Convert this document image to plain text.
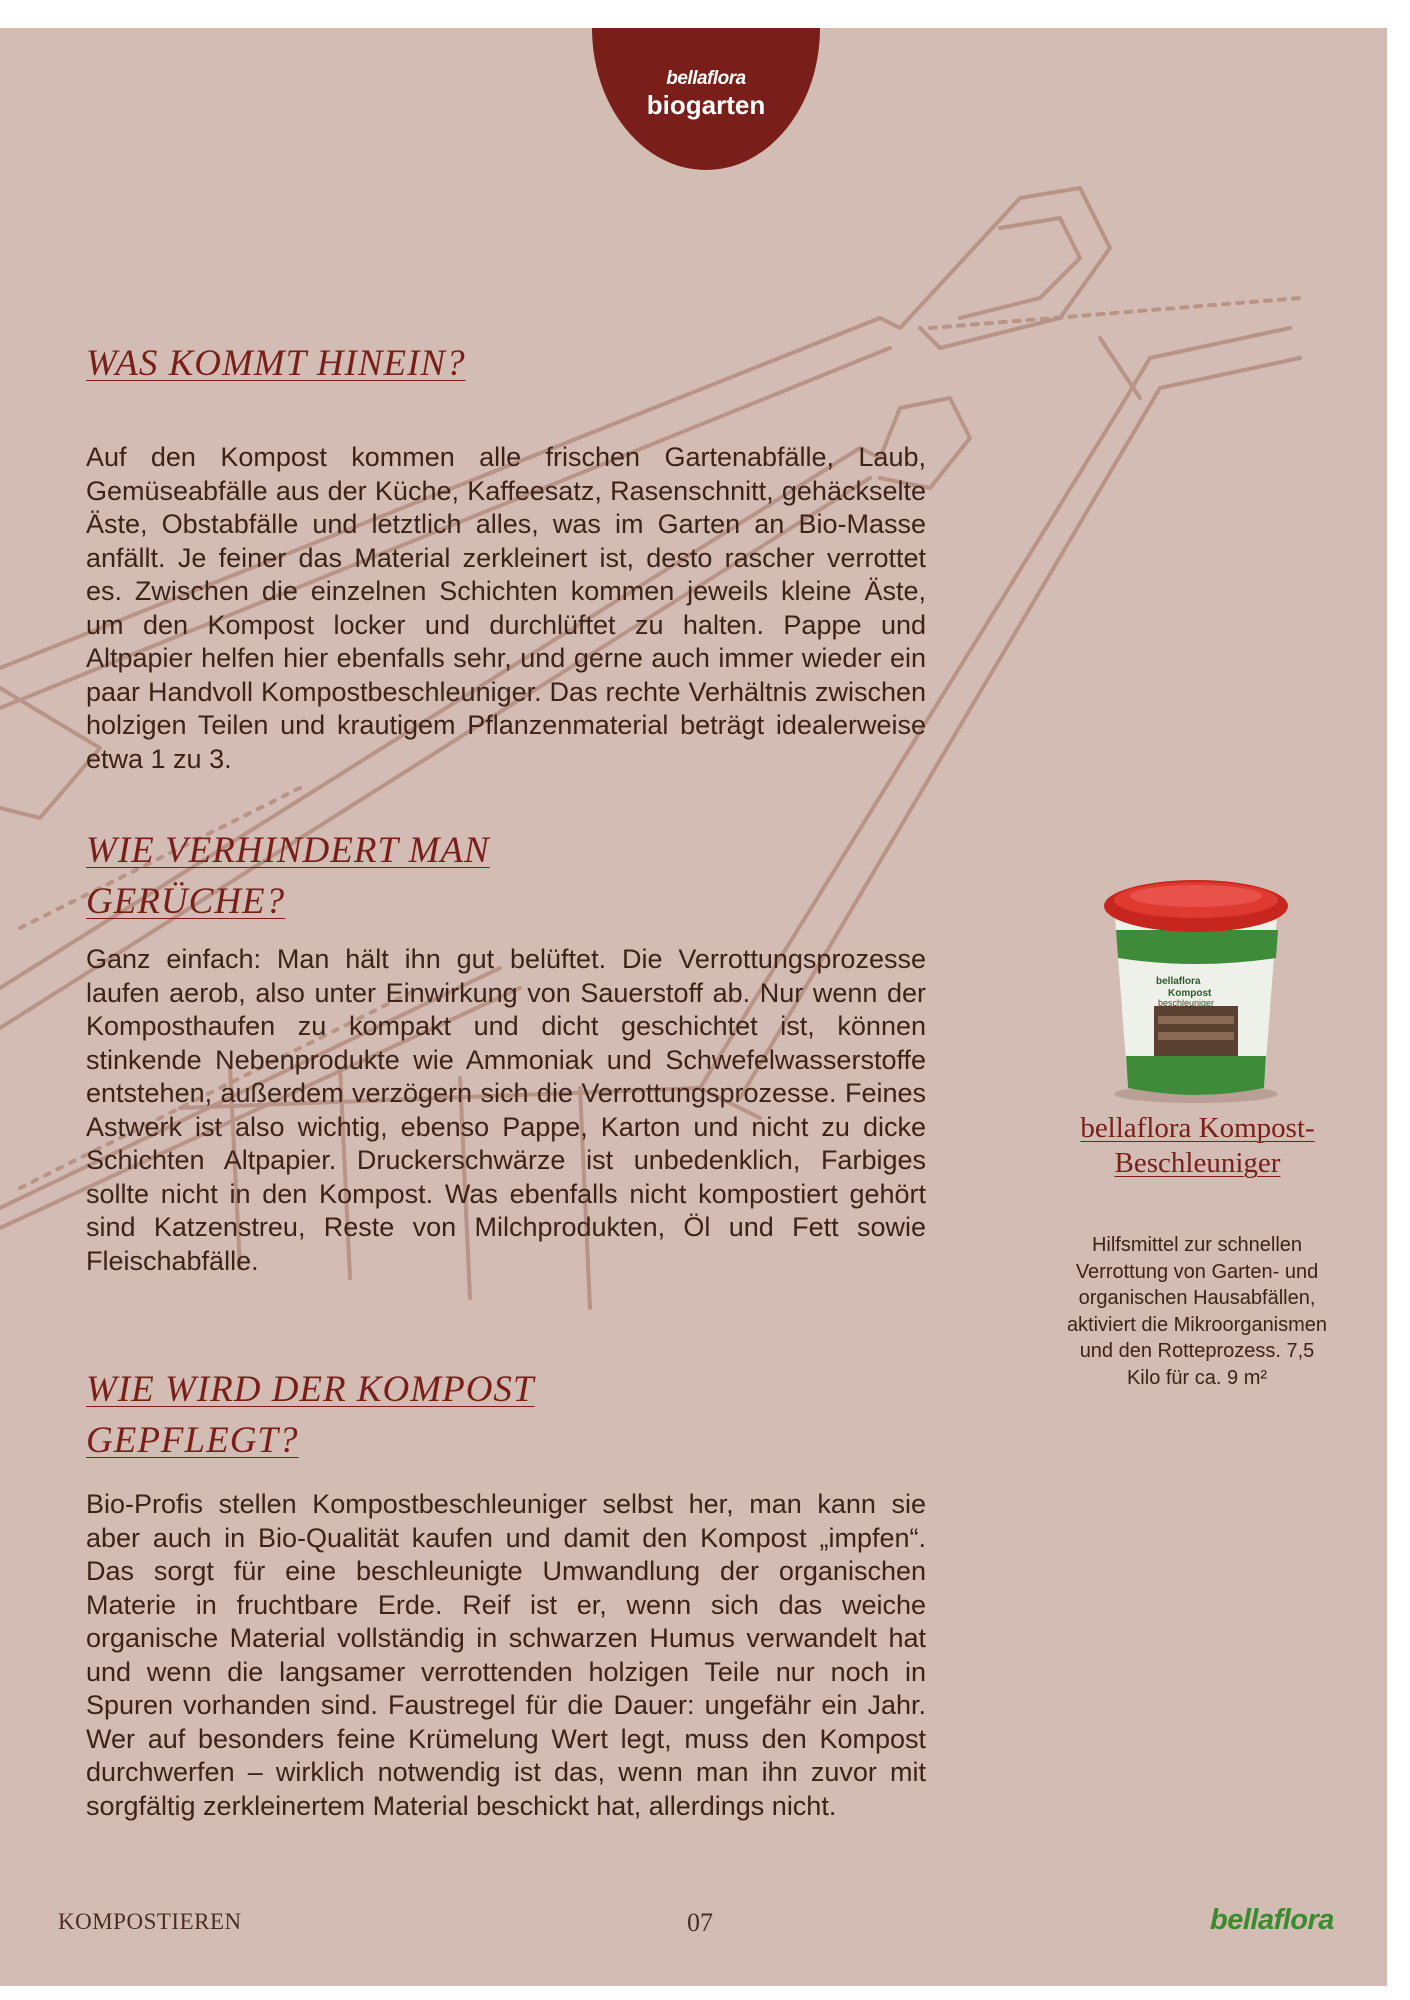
bellaflora
biogarten
WAS KOMMT HINEIN?

Auf den Kompost kommen alle frischen Gartenabfälle, Laub, Gemüseabfälle aus der Küche, Kaffeesatz, Rasenschnitt, gehäckselte Äste, Obstabfälle und letztlich alles, was im Garten an Bio-Masse anfällt. Je feiner das Material zerkleinert ist, desto rascher verrottet es. Zwischen die einzelnen Schichten kommen jeweils kleine Äste, um den Kompost locker und durchlüftet zu halten. Pappe und Altpapier helfen hier ebenfalls sehr, und gerne auch immer wieder ein paar Handvoll Kompostbeschleuniger. Das rechte Verhältnis zwischen holzigen Teilen und krautigem Pflanzenmaterial beträgt idealerweise etwa 1 zu 3.

WIE VERHINDERT MAN GERÜCHE?

Ganz einfach: Man hält ihn gut belüftet. Die Verrottungsprozesse laufen aerob, also unter Einwirkung von Sauerstoff ab. Nur wenn der Komposthaufen zu kompakt und dicht geschichtet ist, können stinkende Nebenprodukte wie Ammoniak und Schwefelwasserstoffe entstehen, außerdem verzögern sich die Verrottungsprozesse. Feines Astwerk ist also wichtig, ebenso Pappe, Karton und nicht zu dicke Schichten Altpapier. Druckerschwärze ist unbedenklich, Farbiges sollte nicht in den Kompost. Was ebenfalls nicht kompostiert gehört sind Katzenstreu, Reste von Milchprodukten, Öl und Fett sowie Fleischabfälle.

WIE WIRD DER KOMPOST GEPFLEGT?

Bio-Profis stellen Kompostbeschleuniger selbst her, man kann sie aber auch in Bio-Qualität kaufen und damit den Kompost „impfen“. Das sorgt für eine beschleunigte Umwandlung der organischen Materie in fruchtbare Erde. Reif ist er, wenn sich das weiche organische Material vollständig in schwarzen Humus verwandelt hat und wenn die langsamer verrottenden holzigen Teile nur noch in Spuren vorhanden sind. Faustregel für die Dauer: ungefähr ein Jahr. Wer auf besonders feine Krümelung Wert legt, muss den Kompost durchwerfen – wirklich notwendig ist das, wenn man ihn zuvor mit sorgfältig zerkleinertem Material beschickt hat, allerdings nicht.

bellaflora
Kompost
beschleuniger

bellaflora Kompost-Beschleuniger

Hilfsmittel zur schnellen Verrottung von Garten- und organischen Hausabfällen, aktiviert die Mikroorganismen und den Rotteprozess. 7,5 Kilo für ca. 9 m²

KOMPOSTIEREN	07	bellaflora
